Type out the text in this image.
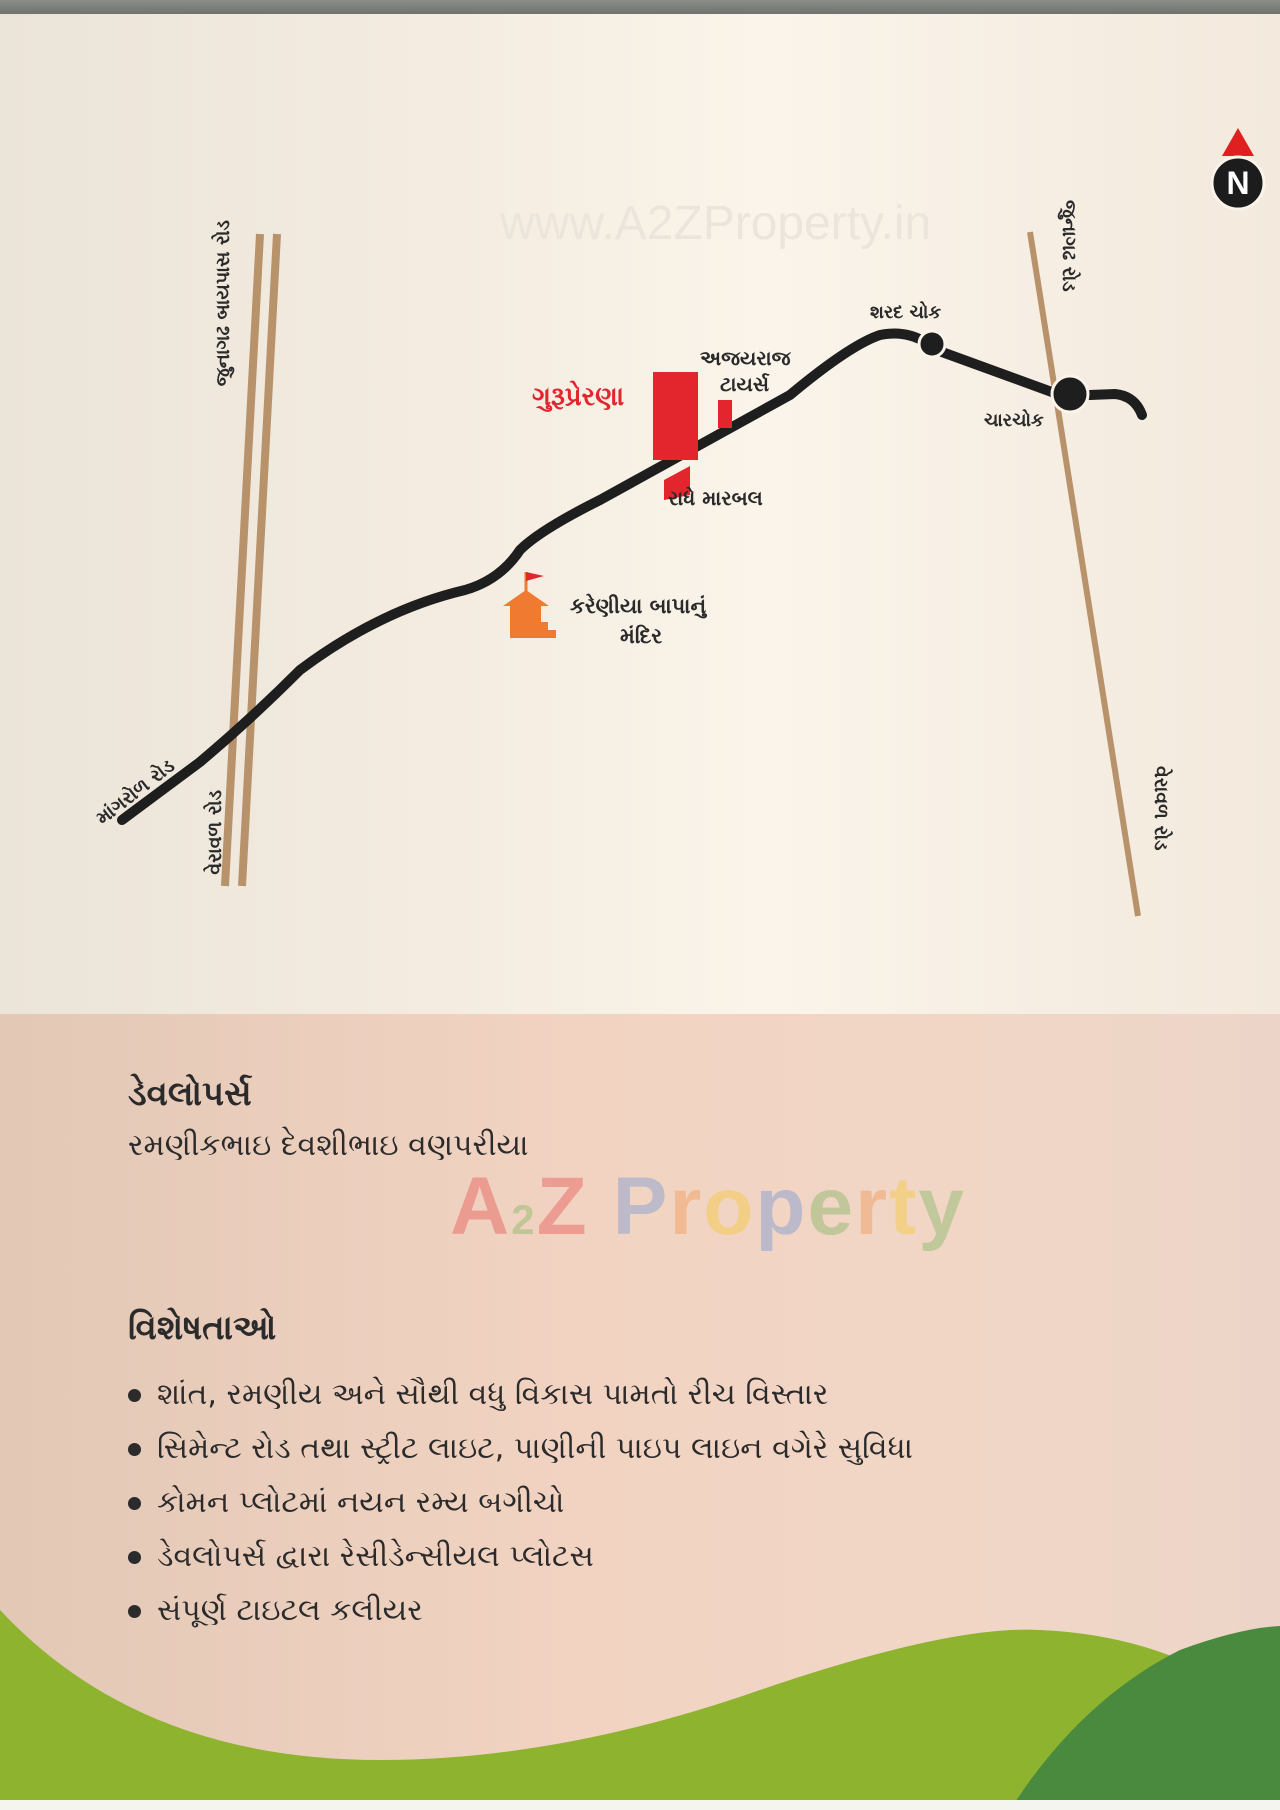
www.A2ZProperty.in
N
જુનાગઢ બાયપાસ રોડ
વેરાવળ રોડ
માંગરોળ રોડ
જુનાગઢ રોડ
વેરાવળ રોડ
શરદ ચોક
ચારચોક
ગુરૂપ્રેરણા
અજયરાજ
ટાયર્સ
રાધે મારબલ
કરેણીયા બાપાનું
મંદિર
A2Z Property
ડેવલોપર્સ
રમણીકભાઇ દેવશીભાઇ વણપરીયા
વિશેષતાઓ
શાંત, રમણીય અને સૌથી વધુ વિકાસ પામતો રીચ વિસ્તાર
સિમેન્ટ રોડ તથા સ્ટ્રીટ લાઇટ, પાણીની પાઇપ લાઇન વગેરે સુવિધા
કોમન પ્લોટમાં નયન રમ્ય બગીચો
ડેવલોપર્સ દ્વારા રેસીડેન્સીયલ પ્લોટસ
સંપૂર્ણ ટાઇટલ કલીયર
